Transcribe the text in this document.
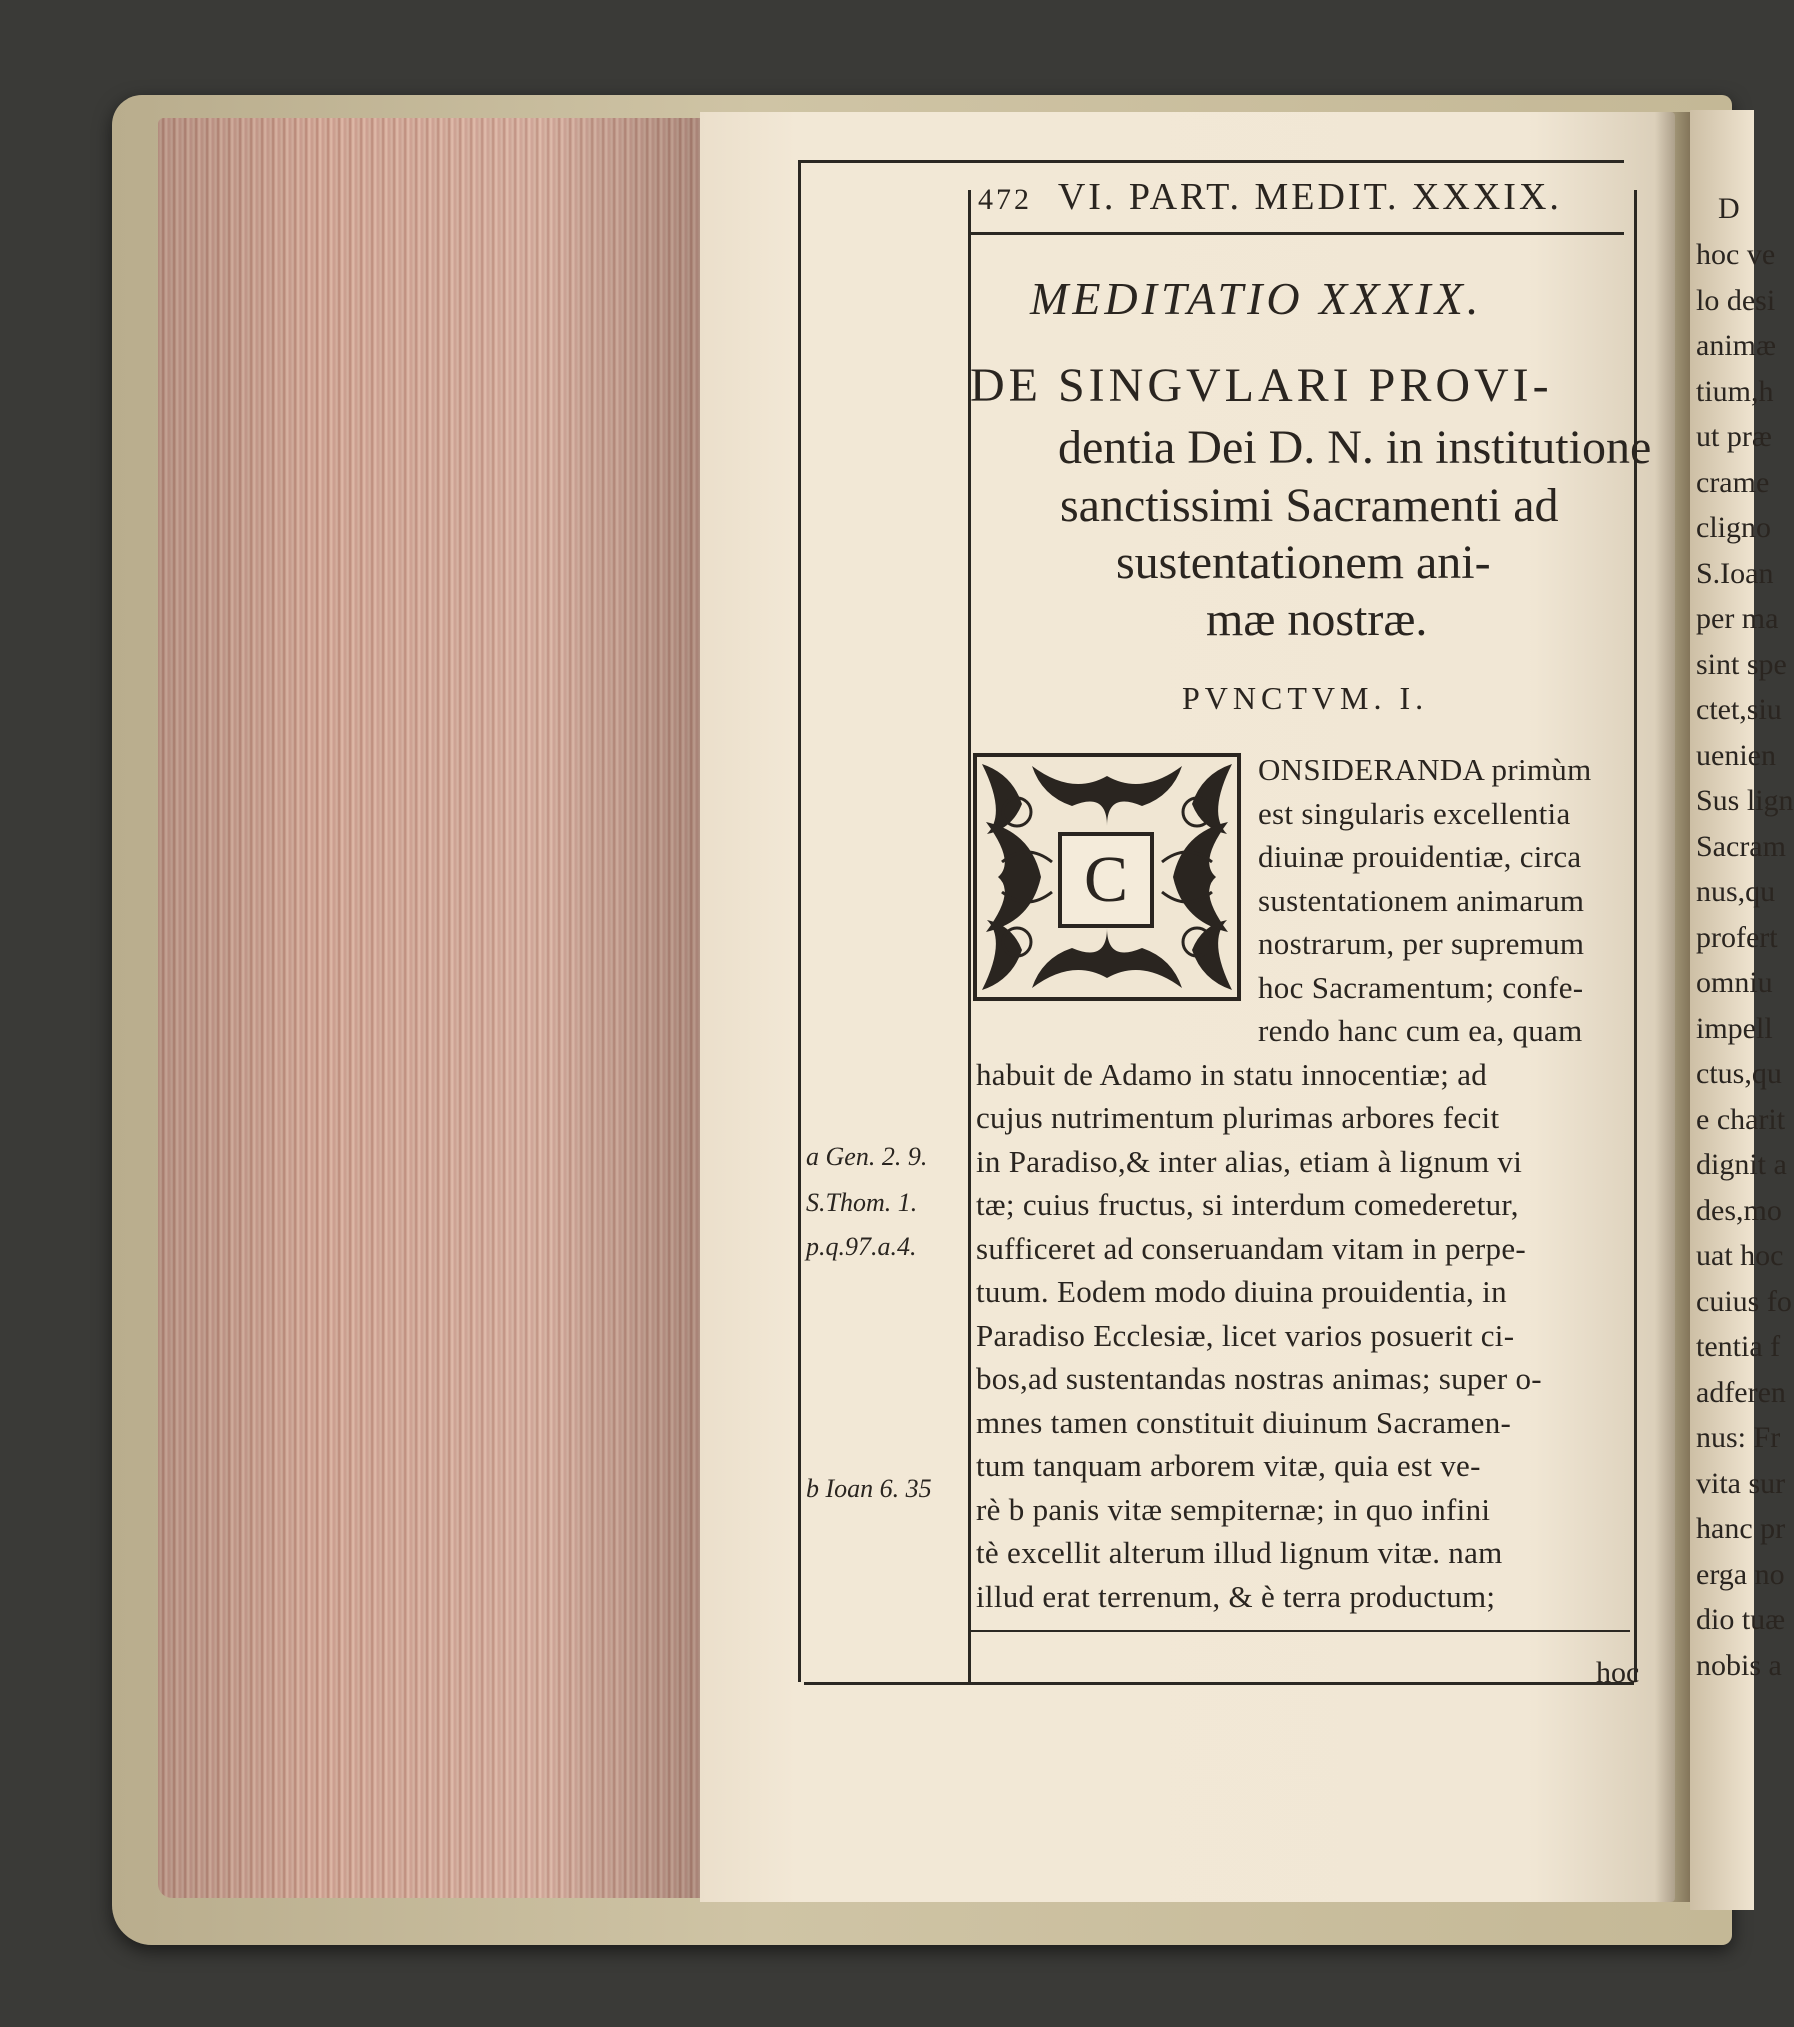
D
hoc ve
lo desi
animæ
tium,h
ut præ
crame
cligno
S.Ioan
per ma
sint spe
ctet,siu
uenien
Sus lign
Sacram
nus,qu
profert
omniu
impell
ctus,qu
e charit
dignit a
des,mo
uat hoc
cuius fo
tentia f
adferen
nus: Fr
vita sur
hanc pr
erga no
dio tuæ
nobis a
472 VI. PART. MEDIT. XXXIX.
MEDITATIO XXXIX.
DE SINGVLARI PROVI-
dentia Dei D. N. in institutione
sanctissimi Sacramenti ad
sustentationem ani-
mæ nostræ.
PVNCTVM. I.
C
ONSIDERANDA primùm
est singularis excellentia
diuinæ prouidentiæ, circa
sustentationem animarum
nostrarum, per supremum
hoc Sacramentum; confe-
rendo hanc cum ea, quam
habuit de Adamo in statu innocentiæ; ad
cujus nutrimentum plurimas arbores fecit
in Paradiso,& inter alias, etiam à lignum vi
tæ; cuius fructus, si interdum comederetur,
sufficeret ad conseruandam vitam in perpe-
tuum. Eodem modo diuina prouidentia, in
Paradiso Ecclesiæ, licet varios posuerit ci-
bos,ad sustentandas nostras animas; super o-
mnes tamen constituit diuinum Sacramen-
tum tanquam arborem vitæ, quia est ve-
rè b panis vitæ sempiternæ; in quo infini
tè excellit alterum illud lignum vitæ. nam
illud erat terrenum, & è terra productum;
a Gen. 2. 9.
S.Thom. 1.
p.q.97.a.4.
b Ioan 6. 35
hoc
